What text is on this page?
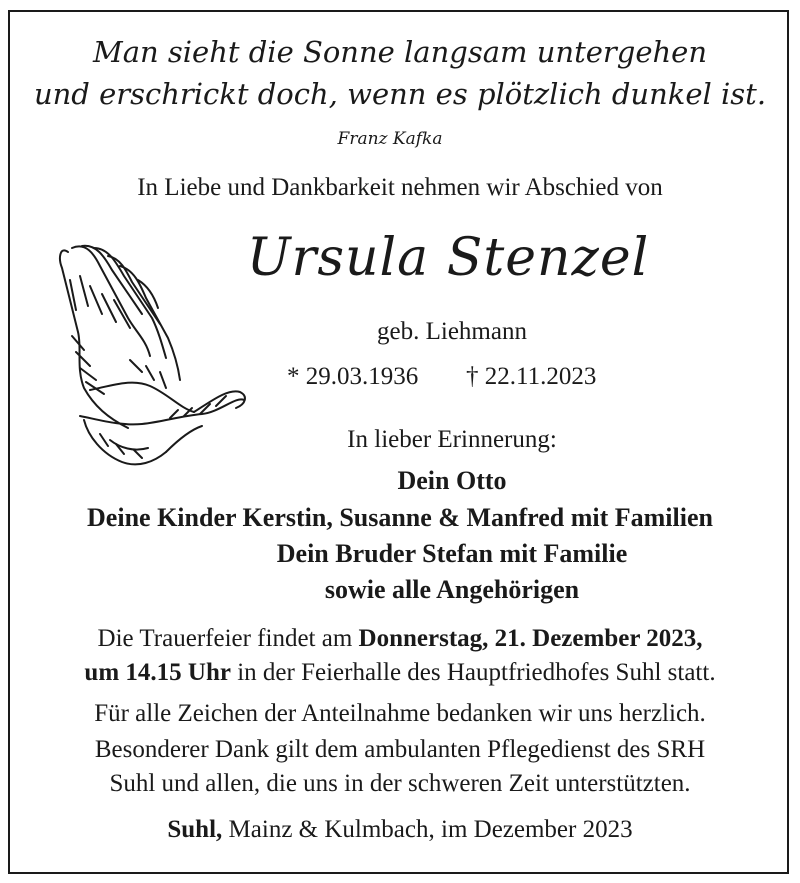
Man sieht die Sonne langsam untergehen
und erschrickt doch, wenn es plötzlich dunkel ist.
Franz Kafka
In Liebe und Dankbarkeit nehmen wir Abschied von
Ursula Stenzel
geb. Liehmann
* 29.03.1936 † 22.11.2023
In lieber Erinnerung:
Dein Otto
Deine Kinder Kerstin, Susanne & Manfred mit Familien
Dein Bruder Stefan mit Familie
sowie alle Angehörigen
Die Trauerfeier findet am Donnerstag, 21. Dezember 2023,
um 14.15 Uhr in der Feierhalle des Hauptfriedhofes Suhl statt.
Für alle Zeichen der Anteilnahme bedanken wir uns herzlich.
Besonderer Dank gilt dem ambulanten Pflegedienst des SRH
Suhl und allen, die uns in der schweren Zeit unterstützten.
Suhl, Mainz & Kulmbach, im Dezember 2023
